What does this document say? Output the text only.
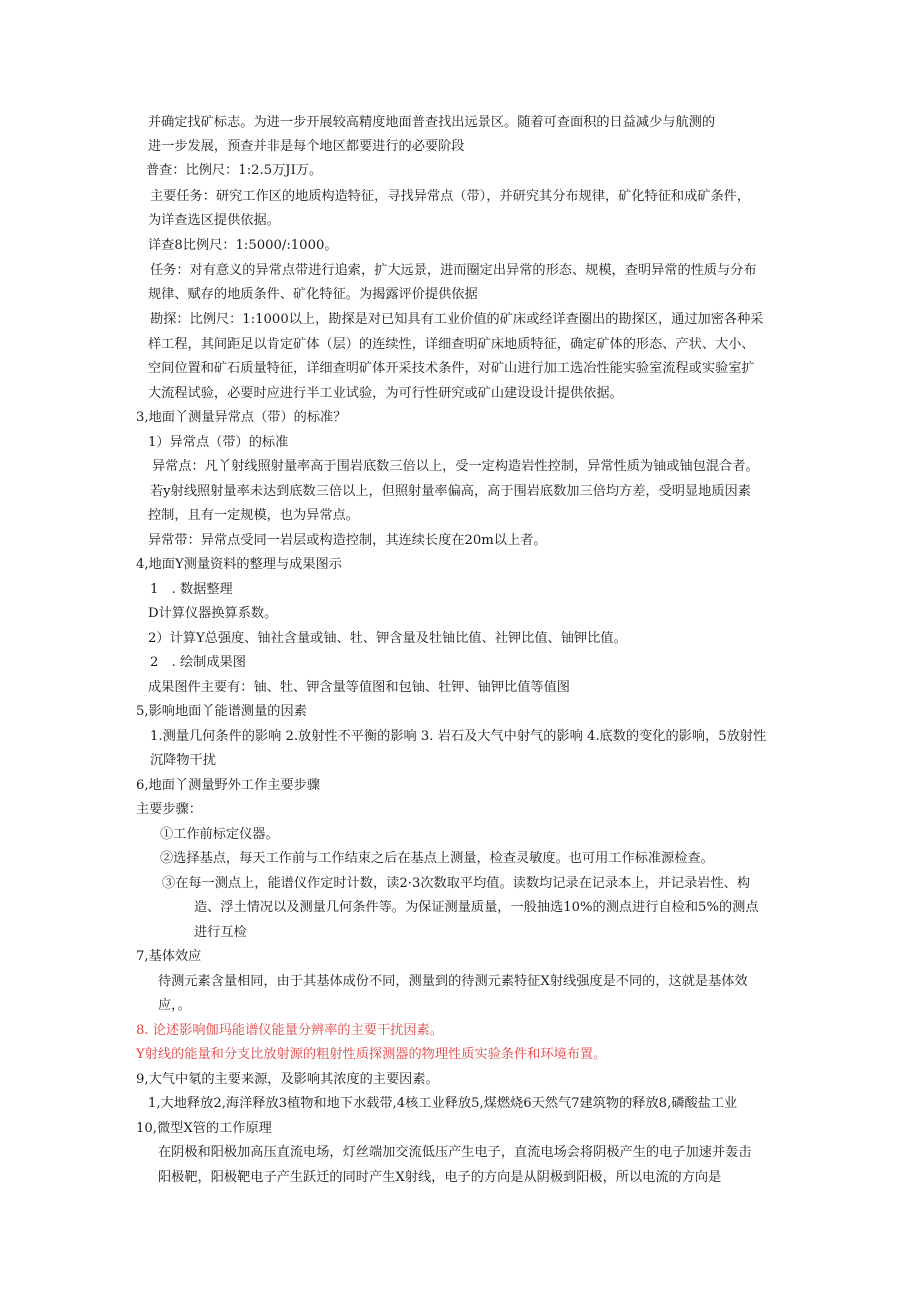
并确定找矿标志。为进一步开展较高精度地面普查找出远景区。随着可查面积的日益减少与航测的
进一步发展，预查并非是每个地区都要进行的必要阶段
普查：比例尺：1:2.5万JI万。
主要任务：研究工作区的地质构造特征，寻找异常点（带），并研究其分布规律，矿化特征和成矿条件，
为详查选区提供依据。
详查8比例尺：1:5000/:1000。
任务：对有意义的异常点带进行追索，扩大远景，进而圈定出异常的形态、规模，查明异常的性质与分布
规律、赋存的地质条件、矿化特征。为揭露评价提供依据
勘探：比例尺：1:1000以上，勘探是对已知具有工业价值的矿床或经详查圈出的勘探区，通过加密各种采
样工程，其间距足以肯定矿体（层）的连续性，详细查明矿床地质特征，确定矿体的形态、产状、大小、
空间位置和矿石质量特征，详细查明矿体开采技术条件，对矿山进行加工选冶性能实验室流程或实验室扩
大流程试验，必要时应进行半工业试验，为可行性研究或矿山建设设计提供依据。
3,地面丫测量异常点（带）的标准？
1）异常点（带）的标准
异常点：凡丫射线照射量率高于围岩底数三倍以上，受一定构造岩性控制，异常性质为铀或铀包混合者。
若y射线照射量率未达到底数三倍以上，但照射量率偏高，高于围岩底数加三倍均方差，受明显地质因素
控制，且有一定规模，也为异常点。
异常带：异常点受同一岩层或构造控制，其连续长度在20m以上者。
4,地面Y测量资料的整理与成果图示
1　. 数据整理
D计算仪器换算系数。
2）计算Y总强度、铀社含量或铀、牡、钾含量及牡铀比值、社钾比值、铀钾比值。
2　. 绘制成果图
成果图件主要有：铀、牡、钾含量等值图和包铀、牡钾、铀钾比值等值图
5,影响地面丫能谱测量的因素
1.测量几何条件的影响 2.放射性不平衡的影响 3. 岩石及大气中射气的影响 4.底数的变化的影响，5放射性
沉降物干扰
6,地面丫测量野外工作主要步骤
主要步骤：
①工作前标定仪器。
②选择基点，每天工作前与工作结束之后在基点上测量，检查灵敏度。也可用工作标准源检查。
③在每一测点上，能谱仪作定时计数，读2·3次数取平均值。读数均记录在记录本上，并记录岩性、构
造、浮土情况以及测量几何条件等。为保证测量质量，一般抽选10%的测点进行自检和5%的测点
进行互检
7,基体效应
待测元素含量相同，由于其基体成份不同，测量到的待测元素特征X射线强度是不同的，这就是基体效
应，。
8. 论述影响伽玛能谱仪能量分辨率的主要干扰因素。
Y射线的能量和分支比放射源的粗射性质探测器的物理性质实验条件和环境布置。
9,大气中氡的主要来源，及影响其浓度的主要因素。
1,大地释放2,海洋释放3植物和地下水载带,4核工业释放5,煤燃烧6天然气7建筑物的释放8,磷酸盐工业
10,微型X管的工作原理
在阴极和阳极加高压直流电场，灯丝端加交流低压产生电子，直流电场会将阴极产生的电子加速并轰击
阳极靶，阳极靶电子产生跃迁的同时产生X射线，电子的方向是从阴极到阳极，所以电流的方向是
